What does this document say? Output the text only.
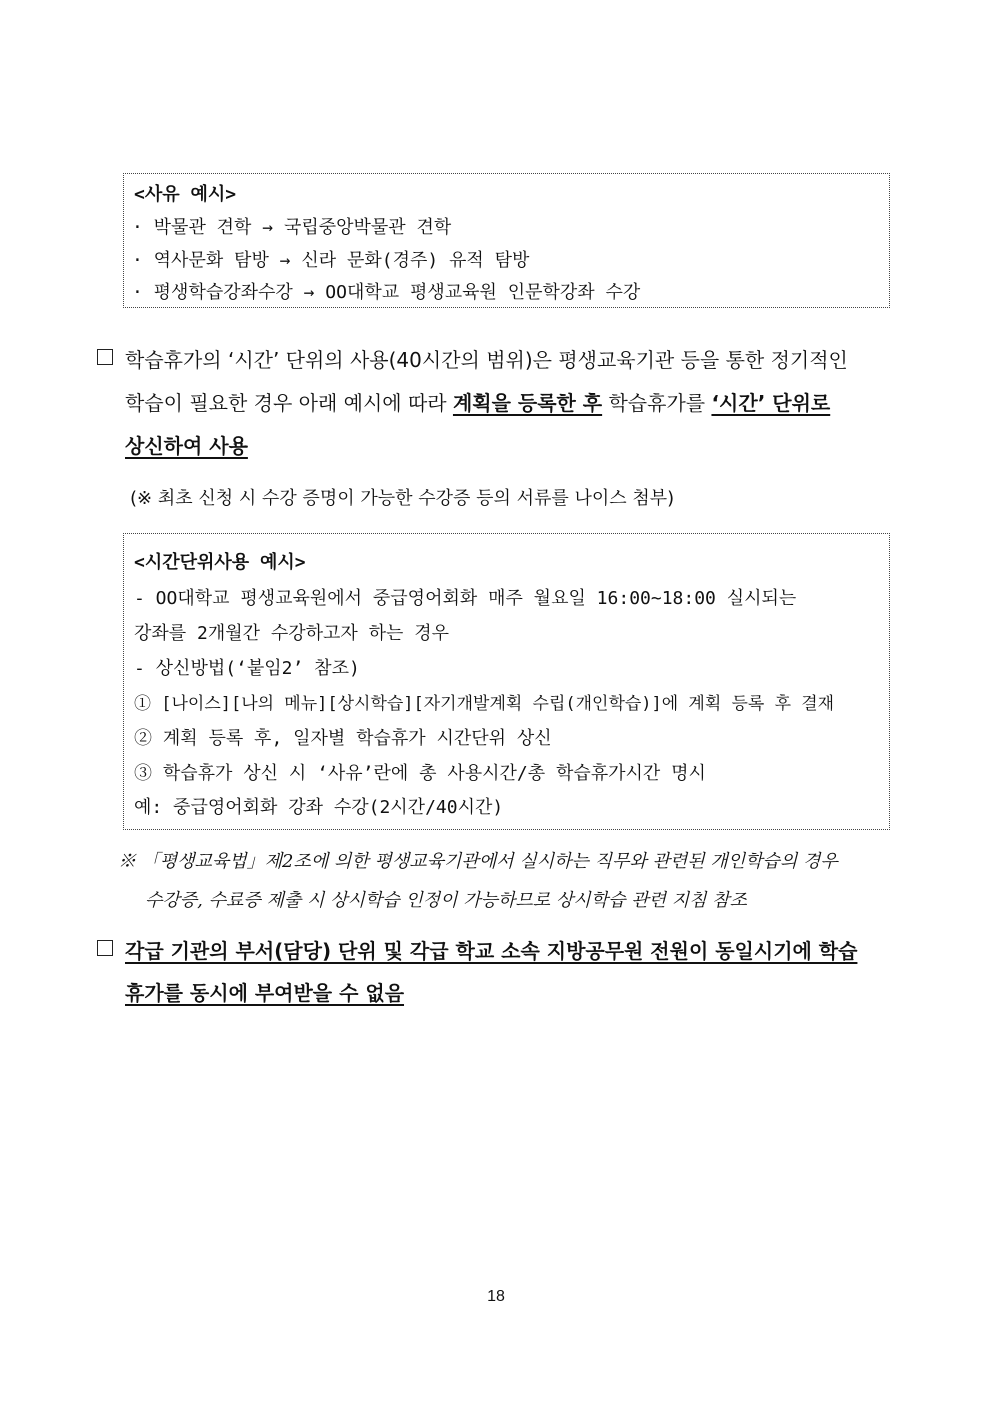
<사유 예시>
· 박물관 견학 → 국립중앙박물관 견학
· 역사문화 탐방 → 신라 문화(경주) 유적 탐방
· 평생학습강좌수강 → OO대학교 평생교육원 인문학강좌 수강
학습휴가의 ‘시간’ 단위의 사용(40시간의 범위)은 평생교육기관 등을 통한 정기적인
학습이 필요한 경우 아래 예시에 따라 계획을 등록한 후 학습휴가를 ‘시간’ 단위로
상신하여 사용
(※ 최초 신청 시 수강 증명이 가능한 수강증 등의 서류를 나이스 첨부)
<시간단위사용 예시>
- OO대학교 평생교육원에서 중급영어회화 매주 월요일 16:00~18:00 실시되는
강좌를 2개월간 수강하고자 하는 경우
- 상신방법(‘붙임2’ 참조)
① [나이스][나의 메뉴][상시학습][자기개발계획 수립(개인학습)]에 계획 등록 후 결재
② 계획 등록 후, 일자별 학습휴가 시간단위 상신
③ 학습휴가 상신 시 ‘사유’란에 총 사용시간/총 학습휴가시간 명시
예: 중급영어회화 강좌 수강(2시간/40시간)
※ 「평생교육법」제2조에 의한 평생교육기관에서 실시하는 직무와 관련된 개인학습의 경우
수강증, 수료증 제출 시 상시학습 인정이 가능하므로 상시학습 관련 지침 참조
각급 기관의 부서(담당) 단위 및 각급 학교 소속 지방공무원 전원이 동일시기에 학습
휴가를 동시에 부여받을 수 없음
18
